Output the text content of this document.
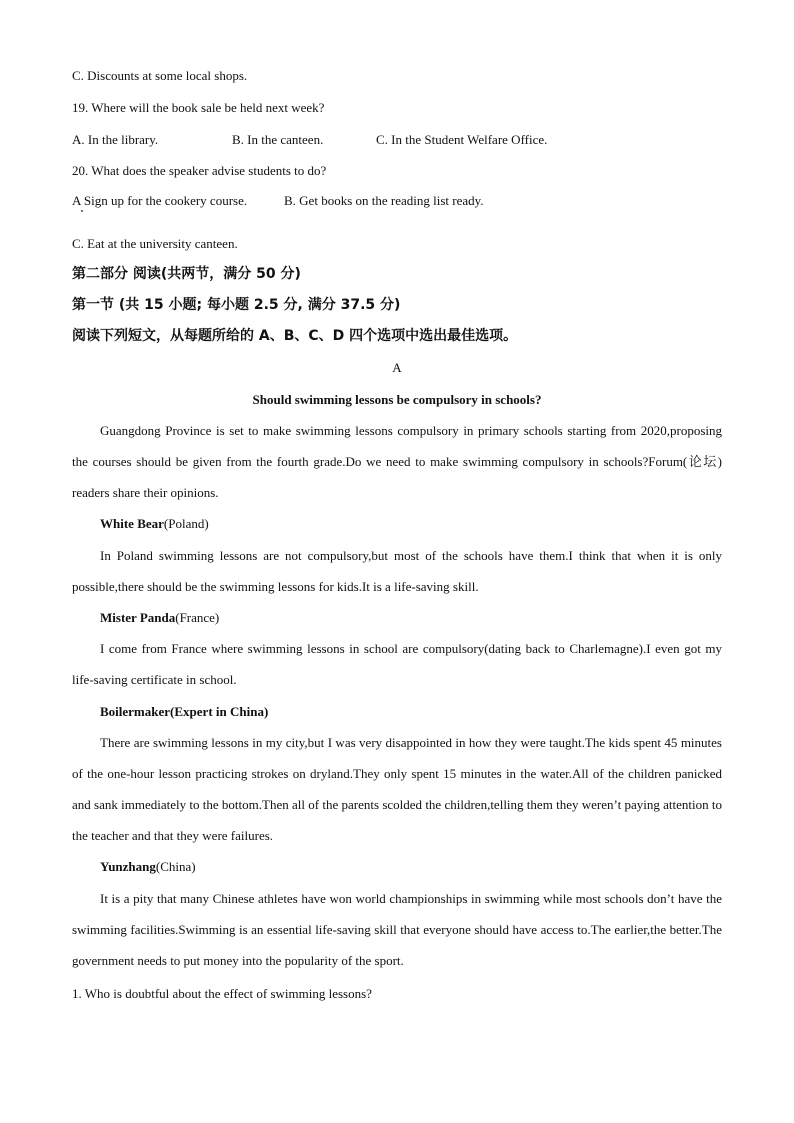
C. Discounts at some local shops.
19. Where will the book sale be held next week?
A. In the library.	B. In the canteen.	C. In the Student Welfare Office.
20. What does the speaker advise students to do?
A Sign up for the cookery course.	B. Get books on the reading list ready.
C. Eat at the university canteen.
第二部分 阅读(共两节，满分 50 分)
第一节 (共 15 小题; 每小题 2.5 分, 满分 37.5 分)
阅读下列短文，从每题所给的 A、B、C、D 四个选项中选出最佳选项。
A
Should swimming lessons be compulsory in schools?
Guangdong Province is set to make swimming lessons compulsory in primary schools starting from 2020,proposing the courses should be given from the fourth grade.Do we need to make swimming compulsory in schools?Forum(论坛) readers share their opinions.
White Bear(Poland)
In Poland swimming lessons are not compulsory,but most of the schools have them.I think that when it is only possible,there should be the swimming lessons for kids.It is a life-saving skill.
Mister Panda(France)
I come from France where swimming lessons in school are compulsory(dating back to Charlemagne).I even got my life-saving certificate in school.
Boilermaker(Expert in China)
There are swimming lessons in my city,but I was very disappointed in how they were taught.The kids spent 45 minutes of the one-hour lesson practicing strokes on dryland.They only spent 15 minutes in the water.All of the children panicked and sank immediately to the bottom.Then all of the parents scolded the children,telling them they weren’t paying attention to the teacher and that they were failures.
Yunzhang(China)
It is a pity that many Chinese athletes have won world championships in swimming while most schools don’t have the swimming facilities.Swimming is an essential life-saving skill that everyone should have access to.The earlier,the better.The government needs to put money into the popularity of the sport.
1. Who is doubtful about the effect of swimming lessons?
